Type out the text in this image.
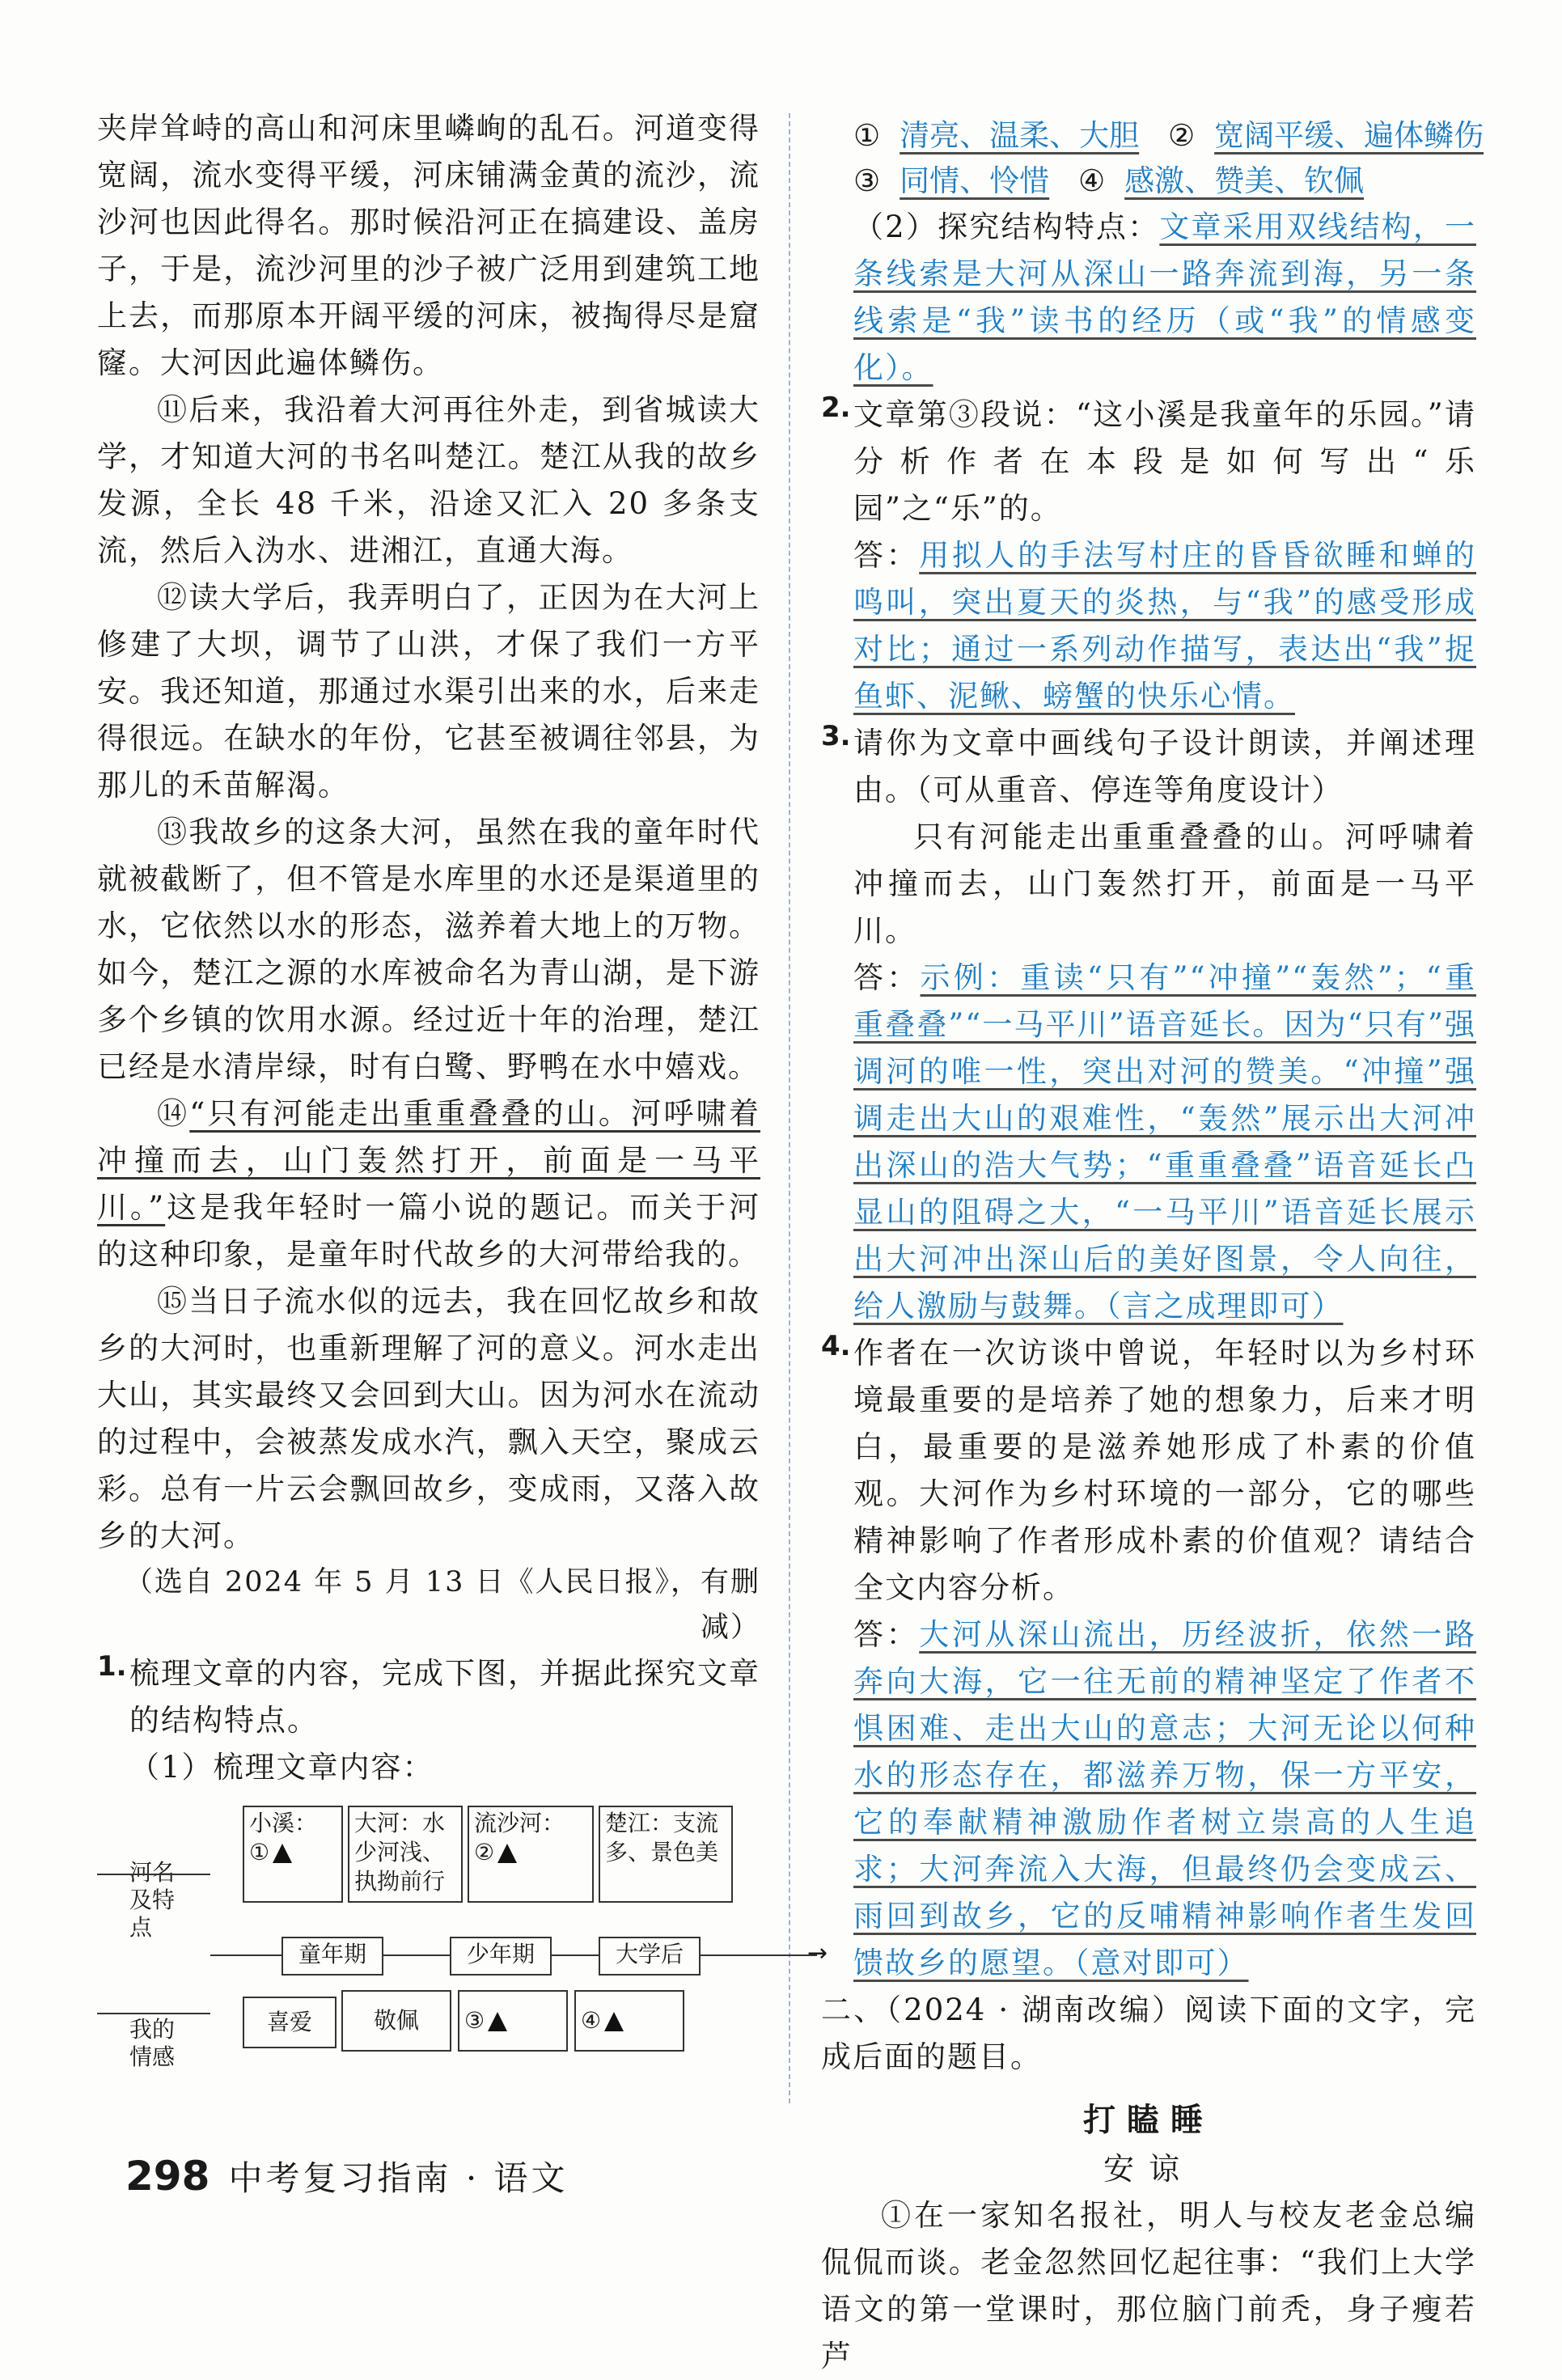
夹岸耸峙的高山和河床里嶙峋的乱石。河道变得宽阔，流水变得平缓，河床铺满金黄的流沙，流沙河也因此得名。那时候沿河正在搞建设、盖房子，于是，流沙河里的沙子被广泛用到建筑工地上去，而那原本开阔平缓的河床，被掏得尽是窟窿。大河因此遍体鳞伤。

⑪后来，我沿着大河再往外走，到省城读大学，才知道大河的书名叫楚江。楚江从我的故乡发源，全长 48 千米，沿途又汇入 20 多条支流，然后入沩水、进湘江，直通大海。

⑫读大学后，我弄明白了，正因为在大河上修建了大坝，调节了山洪，才保了我们一方平安。我还知道，那通过水渠引出来的水，后来走得很远。在缺水的年份，它甚至被调往邻县，为那儿的禾苗解渴。

⑬我故乡的这条大河，虽然在我的童年时代就被截断了，但不管是水库里的水还是渠道里的水，它依然以水的形态，滋养着大地上的万物。如今，楚江之源的水库被命名为青山湖，是下游多个乡镇的饮用水源。经过近十年的治理，楚江已经是水清岸绿，时有白鹭、野鸭在水中嬉戏。

⑭“只有河能走出重重叠叠的山。河呼啸着冲撞而去，山门轰然打开，前面是一马平川。”这是我年轻时一篇小说的题记。而关于河的这种印象，是童年时代故乡的大河带给我的。

⑮当日子流水似的远去，我在回忆故乡和故乡的大河时，也重新理解了河的意义。河水走出大山，其实最终又会回到大山。因为河水在流动的过程中，会被蒸发成水汽，飘入天空，聚成云彩。总有一片云会飘回故乡，变成雨，又落入故乡的大河。

（选自 2024 年 5 月 13 日《人民日报》，有删减）

1. 梳理文章的内容，完成下图，并据此探究文章的结构特点。

（1）梳理文章内容：

河名及特点
我的情感
→
小溪：
①
大河：水少河浅、执拗前行
流沙河：
②
楚江：支流多、景色美
童年期	少年期	大学后
喜爱	敬佩	③	④
① 清亮、温柔、大胆 ② 宽阔平缓、遍体鳞伤
③ 同情、怜惜 ④ 感激、赞美、钦佩

（2）探究结构特点：文章采用双线结构，一条线索是大河从深山一路奔流到海，另一条线索是“我”读书的经历（或“我”的情感变化）。

2. 文章第③段说：“这小溪是我童年的乐园。”请分析作者在本段是如何写出“乐园”之“乐”的。

答：用拟人的手法写村庄的昏昏欲睡和蝉的鸣叫，突出夏天的炎热，与“我”的感受形成对比；通过一系列动作描写，表达出“我”捉鱼虾、泥鳅、螃蟹的快乐心情。

3. 请你为文章中画线句子设计朗读，并阐述理由。（可从重音、停连等角度设计）

只有河能走出重重叠叠的山。河呼啸着冲撞而去，山门轰然打开，前面是一马平川。

答：示例：重读“只有”“冲撞”“轰然”；“重重叠叠”“一马平川”语音延长。因为“只有”强调河的唯一性，突出对河的赞美。“冲撞”强调走出大山的艰难性，“轰然”展示出大河冲出深山的浩大气势；“重重叠叠”语音延长凸显山的阻碍之大，“一马平川”语音延长展示出大河冲出深山后的美好图景，令人向往，给人激励与鼓舞。（言之成理即可）

4. 作者在一次访谈中曾说，年轻时以为乡村环境最重要的是培养了她的想象力，后来才明白，最重要的是滋养她形成了朴素的价值观。大河作为乡村环境的一部分，它的哪些精神影响了作者形成朴素的价值观？请结合全文内容分析。

答：大河从深山流出，历经波折，依然一路奔向大海，它一往无前的精神坚定了作者不惧困难、走出大山的意志；大河无论以何种水的形态存在，都滋养万物，保一方平安，它的奉献精神激励作者树立崇高的人生追求；大河奔流入大海，但最终仍会变成云、雨回到故乡，它的反哺精神影响作者生发回馈故乡的愿望。（意对即可）

二、（2024 · 湖南改编）阅读下面的文字，完成后面的题目。

打瞌睡
安谅

①在一家知名报社，明人与校友老金总编侃侃而谈。老金忽然回忆起往事：“我们上大学语文的第一堂课时，那位脑门前秃，身子瘦若芦

298 中考复习指南 · 语文
